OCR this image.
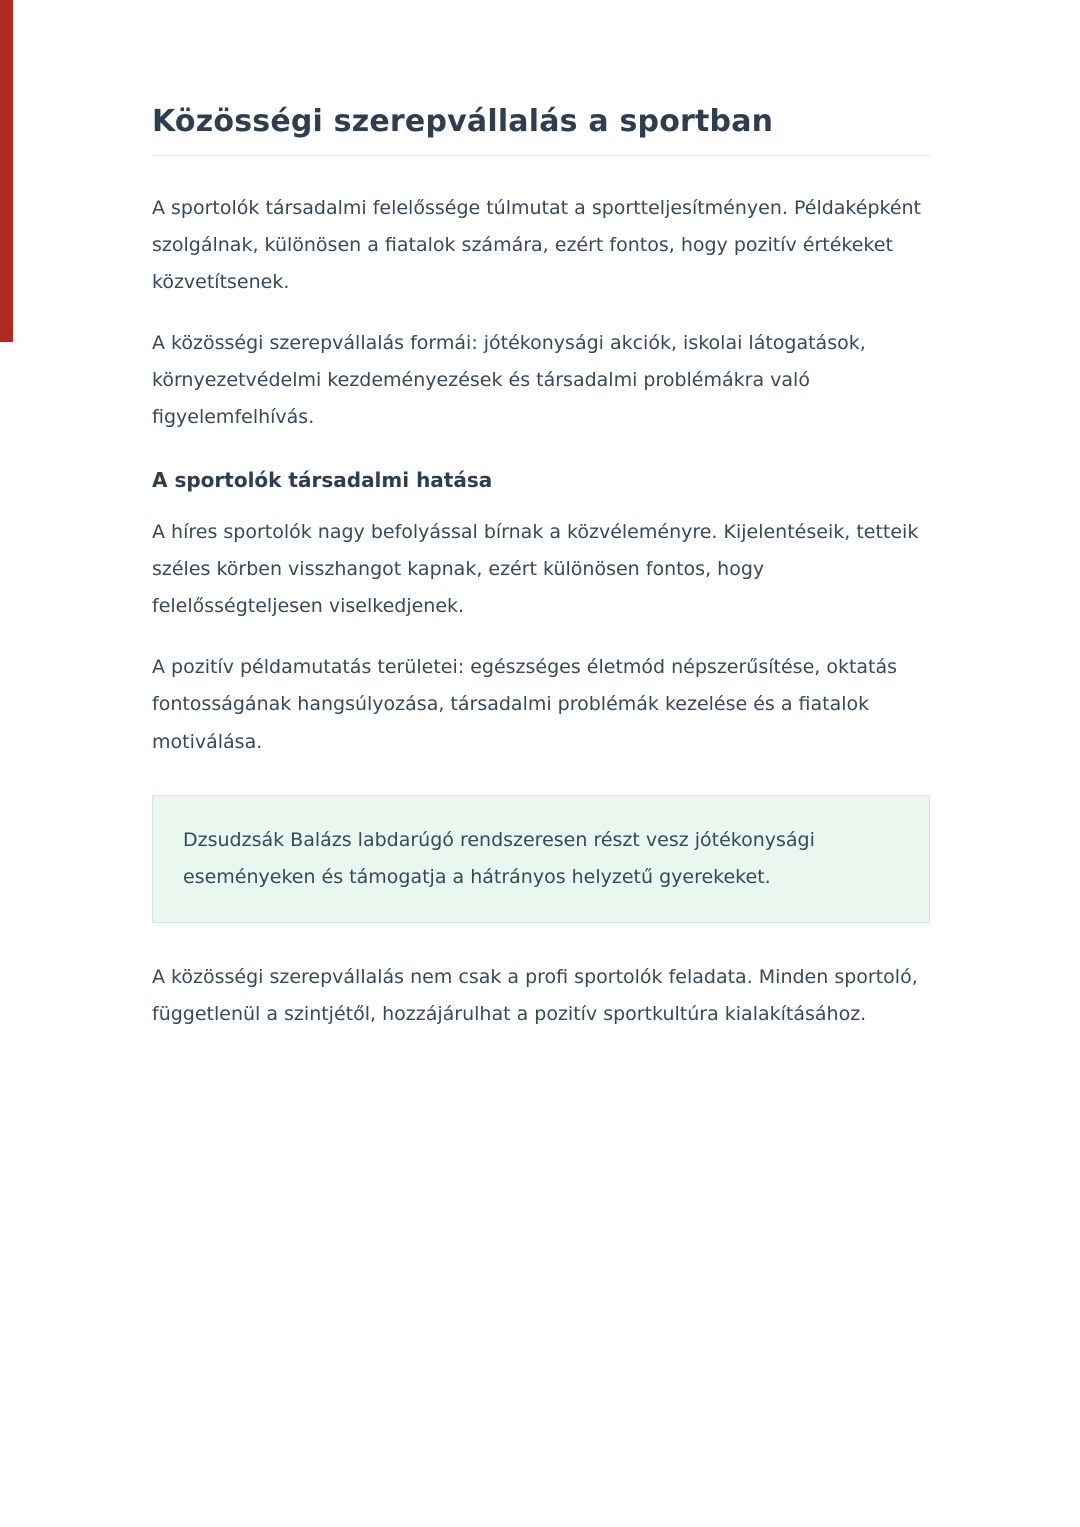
Közösségi szerepvállalás a sportban

A sportolók társadalmi felelőssége túlmutat a sportteljesítményen. Példaképként szolgálnak, különösen a fiatalok számára, ezért fontos, hogy pozitív értékeket közvetítsenek.

A közösségi szerepvállalás formái: jótékonysági akciók, iskolai látogatások, környezetvédelmi kezdeményezések és társadalmi problémákra való figyelemfelhívás.

A sportolók társadalmi hatása

A híres sportolók nagy befolyással bírnak a közvéleményre. Kijelentéseik, tetteik széles körben visszhangot kapnak, ezért különösen fontos, hogy felelősségteljesen viselkedjenek.

A pozitív példamutatás területei: egészséges életmód népszerűsítése, oktatás fontosságának hangsúlyozása, társadalmi problémák kezelése és a fiatalok motiválása.

Dzsudzsák Balázs labdarúgó rendszeresen részt vesz jótékonysági eseményeken és támogatja a hátrányos helyzetű gyerekeket.

A közösségi szerepvállalás nem csak a profi sportolók feladata. Minden sportoló, függetlenül a szintjétől, hozzájárulhat a pozitív sportkultúra kialakításához.
